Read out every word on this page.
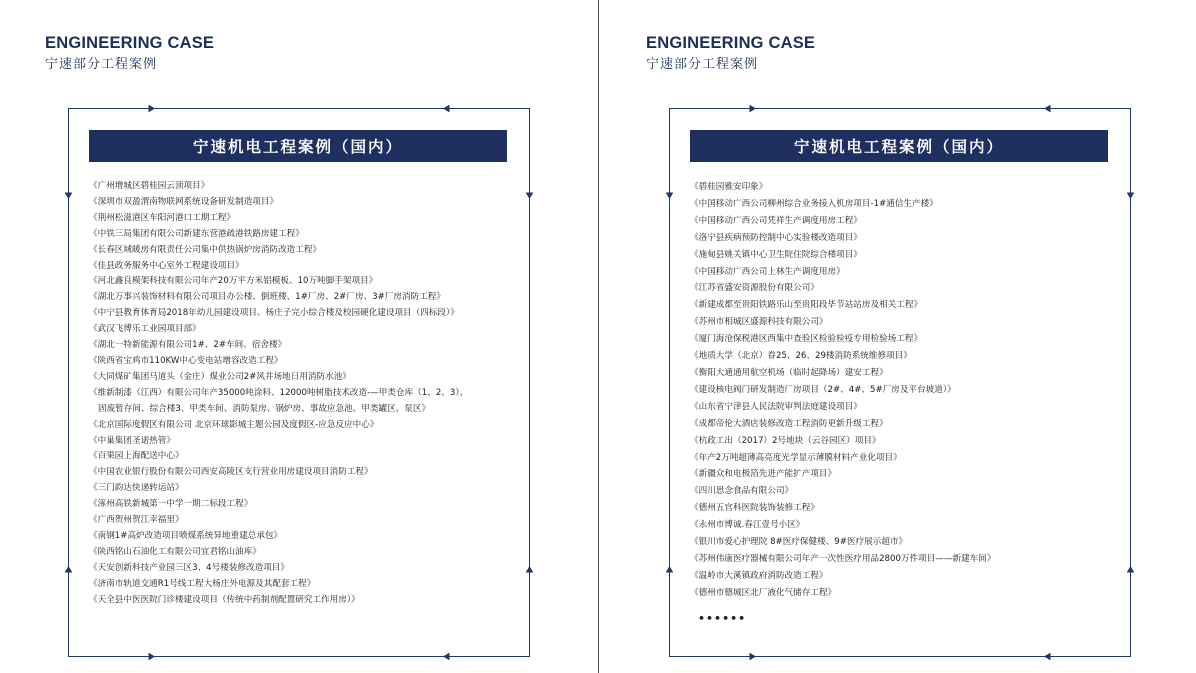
ENGINEERING CASE
宁速部分工程案例
宁速机电工程案例（国内）
《广州增城区碧桂园云顶项目》
《深圳市双盈渭南物联网系统设备研发制造项目》
《荆州松滋港区车阳河港口工期工程》
《中铁三局集团有限公司新建东营港疏港铁路房建工程》
《长春区域暖房有限责任公司集中供热锅炉房消防改造工程》
《佳县政务服务中心室外工程建设项目》
《河北鑫良模架科技有限公司年产20万平方米铝模板、10万吨脚手架项目》
《湖北万事兴装饰材料有限公司项目办公楼、倒班楼、1#厂房、2#厂房、3#厂房消防工程》
《中宁县教育体育局2018年幼儿园建设项目、杨庄子完小综合楼及校园硬化建设项目（四标段）》
《武汉飞博乐工业园项目部》
《湖北一特新能源有限公司1#、2#车间、宿舍楼》
《陕西省宝鸡市110KW中心变电站增容改造工程》
《大同煤矿集团马道头（金庄）煤业公司2#风井场地日用消防水池》
《维新制漆（江西）有限公司年产35000吨涂料、12000吨树脂技术改造-—甲类仓库（1、2、3）、
固废暂存间、综合楼3、甲类车间、消防泵房、锅炉房、事故应急池、甲类罐区、泵区》
《北京国际度假区有限公司 北京环球影城主题公园及度假区-应急反应中心》
《中巢集团圣诺热管》
《百果园上海配送中心》
《中国农业银行股份有限公司西安高陵区支行营业用房建设项目消防工程》
《三门韵达快递转运站》
《涿州高铁新城第一中学一期二标段工程》
《广西贺州贺江幸福里》
《南钢1#高炉改造项目喷煤系统异地重建总承包》
《陕西铭山石油化工有限公司宜君铭山油库》
《天安创新科技产业园三区3、4号楼装修改造项目》
《济南市轨道交通R1号线工程大杨庄外电源及其配套工程》
《天全县中医医院门诊楼建设项目（传统中药制剂配置研究工作用房）》
ENGINEERING CASE
宁速部分工程案例
宁速机电工程案例（国内）
《碧桂园雅安印象》
《中国移动广西公司柳州综合业务接入机房项目-1#通信生产楼》
《中国移动广西公司凭祥生产调度用房工程》
《洛宁县疾病预防控制中心实验楼改造项目》
《施甸县姚关镇中心卫生院住院综合楼项目》
《中国移动广西公司上林生产调度用房》
《江苏省盛安资源股份有限公司》
《新建成都至贵阳铁路乐山至贵阳段毕节站站房及相关工程》
《苏州市相城区盛源科技有限公司》
《厦门海沧保税港区西集中查验区检验检疫专用检验场工程》
《地质大学（北京）眷25、26、29楼消防系统维修项目》
《衡阳大通通用航空机场（临时起降场）建安工程》
《建设核电阀门研发制造厂房项目（2#、4#、5#厂房及平台坡道）》
《山东省宁津县人民法院审判法庭建设项目》
《成都帝伦大酒店装修改造工程消防更新升级工程》
《杭政工出（2017）2号地块（云谷园区）项目》
《年产2万吨超薄高亮度光学显示薄膜材料产业化项目》
《新疆众和电极箔先进产能扩产项目》
《四川思念食品有限公司》
《德州五官科医院装饰装修工程》
《永州市博诚.春江壹号小区》
《银川市爱心护理院 8#医疗保健楼、9#医疗展示超市》
《苏州伟康医疗器械有限公司年产一次性医疗用品2800万件项目——新建车间》
《温岭市大溪镇政府消防改造工程》
《德州市德城区北厂液化气储存工程》
••••••
